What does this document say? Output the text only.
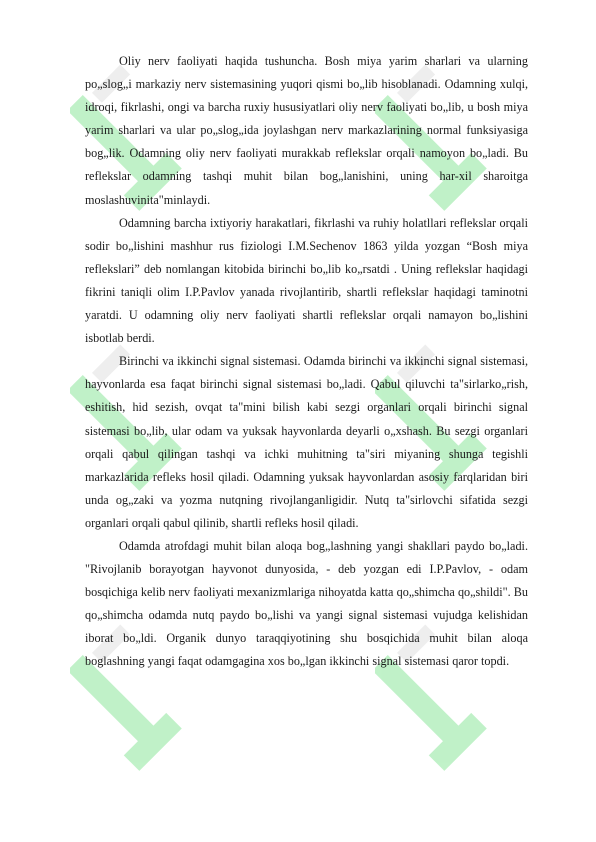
Oliy nerv faoliyati haqida tushuncha. Bosh miya yarim sharlari va ularning po„slog„i markaziy nerv sistemasining yuqori qismi bo„lib hisoblanadi. Odamning xulqi, idroqi, fikrlashi, ongi va barcha ruxiy hususiyatlari oliy nerv faoliyati bo„lib, u bosh miya yarim sharlari va ular po„slog„ida joylashgan nerv markazlarining normal funksiyasiga bog„lik. Odamning oliy nerv faoliyati murakkab reflekslar orqali namoyon bo„ladi. Bu reflekslar odamning tashqi muhit bilan bog„lanishini, uning har-xil sharoitga moslashuvinita"minlaydi.

Odamning barcha ixtiyoriy harakatlari, fikrlashi va ruhiy holatllari reflekslar orqali sodir bo„lishini mashhur rus fiziologi I.M.Sechenov 1863 yilda yozgan “Bosh miya reflekslari” deb nomlangan kitobida birinchi bo„lib ko„rsatdi . Uning reflekslar haqidagi fikrini taniqli olim I.P.Pavlov yanada rivojlantirib, shartli reflekslar haqidagi taminotni yaratdi. U odamning oliy nerv faoliyati shartli reflekslar orqali namayon bo„lishini isbotlab berdi.

Birinchi va ikkinchi signal sistemasi. Odamda birinchi va ikkinchi signal sistemasi, hayvonlarda esa faqat birinchi signal sistemasi bo„ladi. Qabul qiluvchi ta"sirlarko„rish, eshitish, hid sezish, ovqat ta"mini bilish kabi sezgi organlari orqali birinchi signal sistemasi bo„lib, ular odam va yuksak hayvonlarda deyarli o„xshash. Bu sezgi organlari orqali qabul qilingan tashqi va ichki muhitning ta"siri miyaning shunga tegishli markazlarida refleks hosil qiladi. Odamning yuksak hayvonlardan asosiy farqlaridan biri unda og„zaki va yozma nutqning rivojlanganligidir. Nutq ta"sirlovchi sifatida sezgi organlari orqali qabul qilinib, shartli refleks hosil qiladi.

Odamda atrofdagi muhit bilan aloqa bog„lashning yangi shakllari paydo bo„ladi. "Rivojlanib borayotgan hayvonot dunyosida, - deb yozgan edi I.P.Pavlov, - odam bosqichiga kelib nerv faoliyati mexanizmlariga nihoyatda katta qo„shimcha qo„shildi". Bu qo„shimcha odamda nutq paydo bo„lishi va yangi signal sistemasi vujudga kelishidan iborat bo„ldi. Organik dunyo taraqqiyotining shu bosqichida muhit bilan aloqa boglashning yangi faqat odamgagina xos bo„lgan ikkinchi signal sistemasi qaror topdi.
